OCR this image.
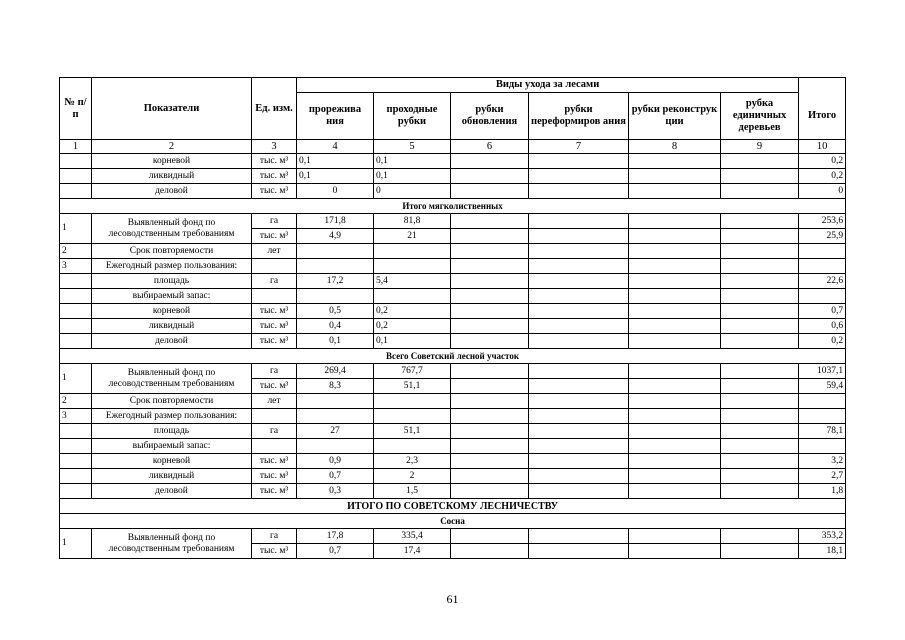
№ п/ п	Показатели	Ед. изм.	Виды ухода за лесами						
			прорежива ния	проходные рубки	рубки обновления	рубки переформиров ания	рубки реконструк ции	рубка единичных деревьев	Итого
1	2	3	4	5	6	7	8	9	10
	корневой	тыс. м³	0,1	0,1					0,2
	ликвидный	тыс. м³	0,1	0,1					0,2
	деловой	тыс. м³	0	0					0
Итого мягколиственных									
1	Выявленный фонд по лесоводственным требованиям	га	171,8	81,8					253,6
		тыс. м³	4,9	21					25,9
2	Срок повторяемости	лет							
3	Ежегодный размер пользования:								
	площадь	га	17,2	5,4					22,6
	выбираемый запас:								
	корневой	тыс. м³	0,5	0,2					0,7
	ликвидный	тыс. м³	0,4	0,2					0,6
	деловой	тыс. м³	0,1	0,1					0,2
Всего Советский лесной участок									
1	Выявленный фонд по лесоводственным требованиям	га	269,4	767,7					1037,1
		тыс. м³	8,3	51,1					59,4
2	Срок повторяемости	лет							
3	Ежегодный размер пользования:								
	площадь	га	27	51,1					78,1
	выбираемый запас:								
	корневой	тыс. м³	0,9	2,3					3,2
	ликвидный	тыс. м³	0,7	2					2,7
	деловой	тыс. м³	0,3	1,5					1,8
ИТОГО ПО СОВЕТСКОМУ ЛЕСНИЧЕСТВУ									
Сосна									
1	Выявленный фонд по лесоводственным требованиям	га	17,8	335,4					353,2
		тыс. м³	0,7	17,4					18,1
61
